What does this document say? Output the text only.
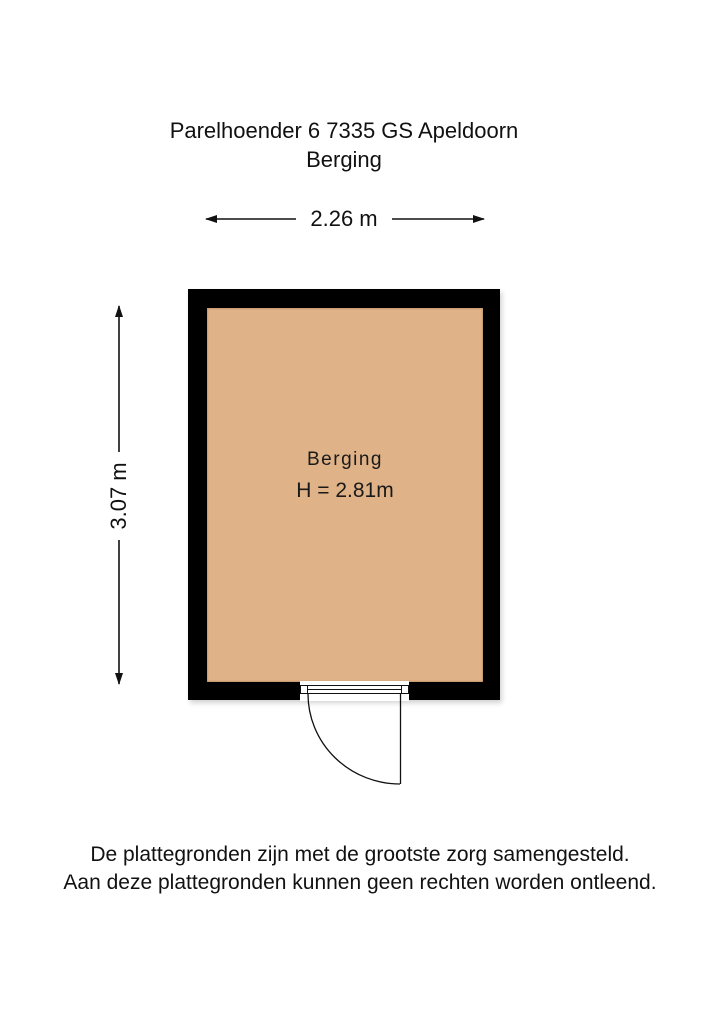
Parelhoender 6 7335 GS Apeldoorn
Berging
Berging
H = 2.81m
2.26 m
3.07 m
De plattegronden zijn met de grootste zorg samengesteld.
Aan deze plattegronden kunnen geen rechten worden ontleend.
